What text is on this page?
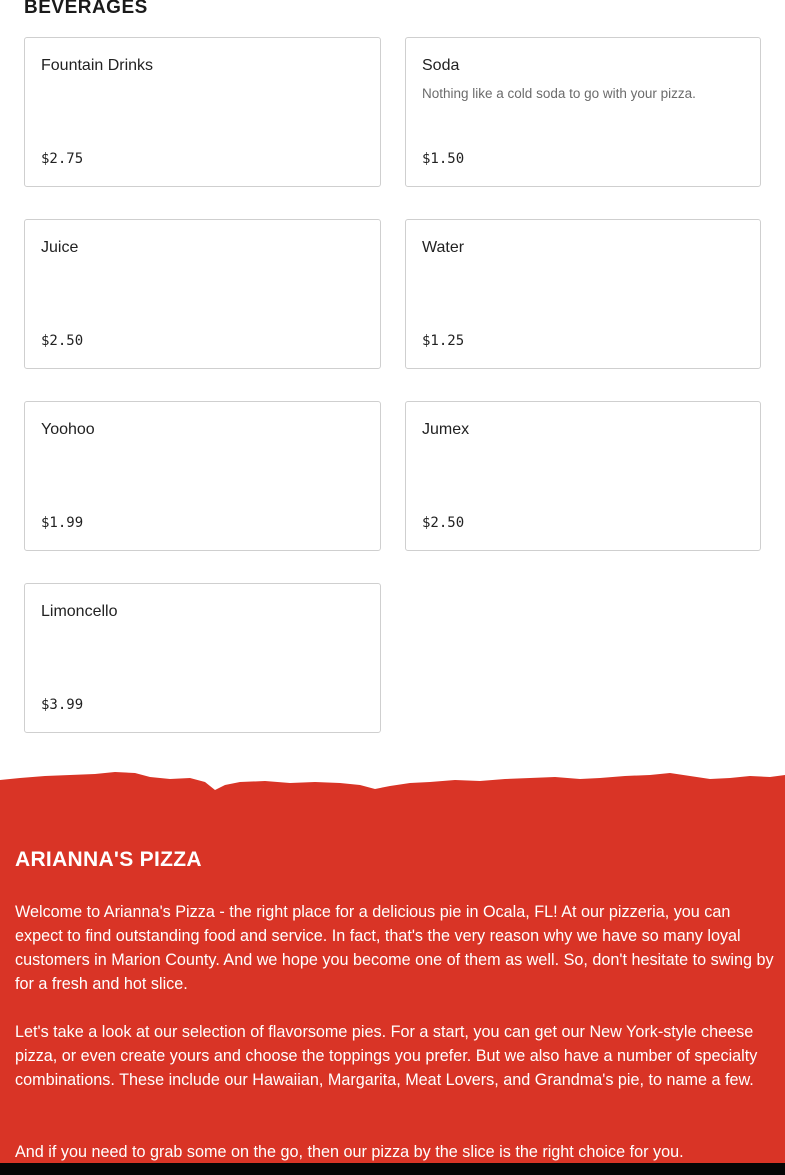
BEVERAGES
Fountain Drinks
$2.75
Soda
Nothing like a cold soda to go with your pizza.
$1.50
Juice
$2.50
Water
$1.25
Yoohoo
$1.99
Jumex
$2.50
Limoncello
$3.99
ARIANNA'S PIZZA
Welcome to Arianna's Pizza - the right place for a delicious pie in Ocala, FL! At our pizzeria, you can expect to find outstanding food and service. In fact, that's the very reason why we have so many loyal customers in Marion County. And we hope you become one of them as well. So, don't hesitate to swing by for a fresh and hot slice.
Let's take a look at our selection of flavorsome pies. For a start, you can get our New York-style cheese pizza, or even create yours and choose the toppings you prefer. But we also have a number of specialty combinations. These include our Hawaiian, Margarita, Meat Lovers, and Grandma's pie, to name a few.
And if you need to grab some on the go, then our pizza by the slice is the right choice for you.
